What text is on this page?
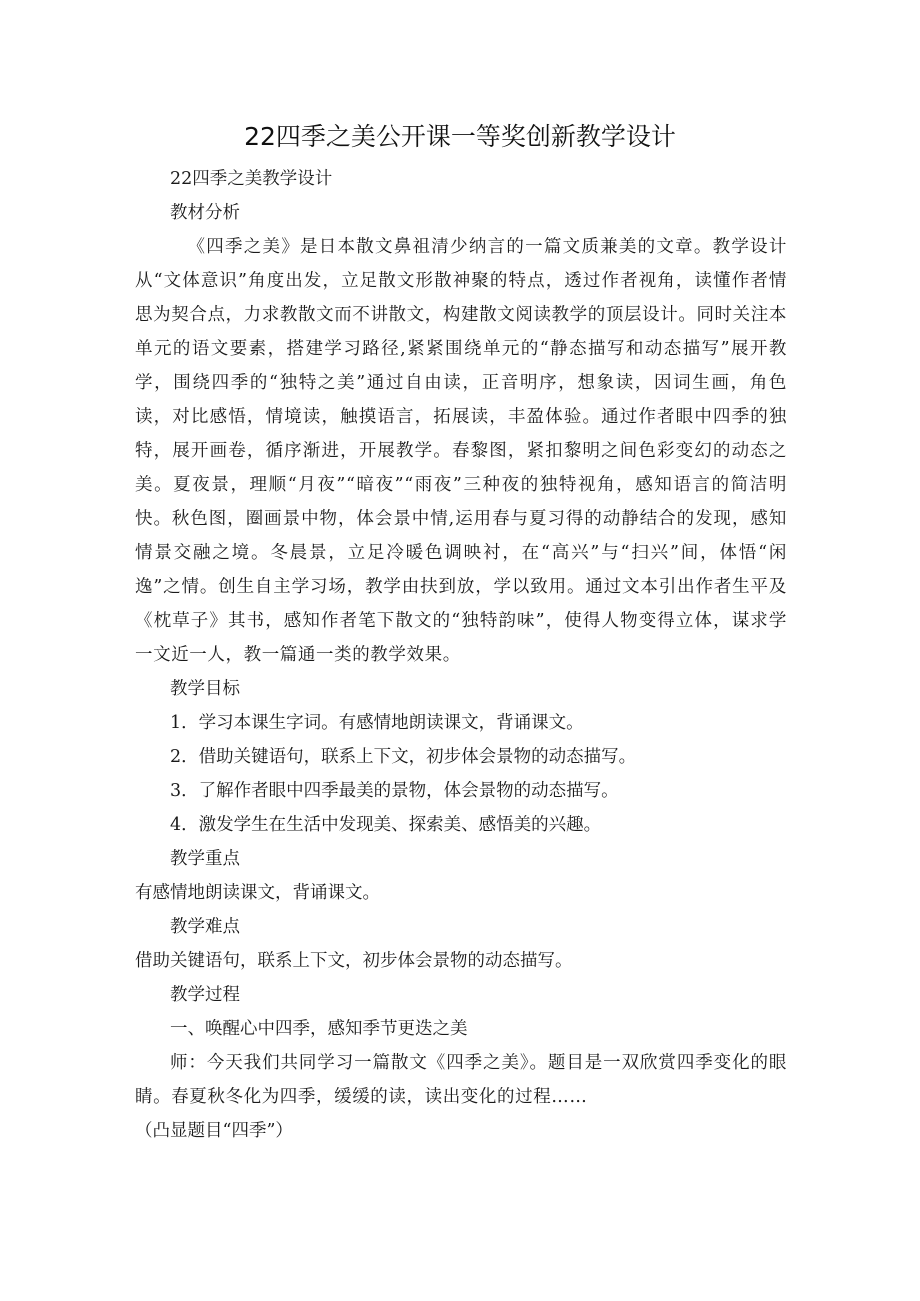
22四季之美公开课一等奖创新教学设计

22四季之美教学设计

教材分析

《四季之美》是日本散文鼻祖清少纳言的一篇文质兼美的文章。教学设计从“文体意识”角度出发，立足散文形散神聚的特点，透过作者视角，读懂作者情思为契合点，力求教散文而不讲散文，构建散文阅读教学的顶层设计。同时关注本单元的语文要素，搭建学习路径,紧紧围绕单元的“静态描写和动态描写”展开教学，围绕四季的“独特之美”通过自由读，正音明序，想象读，因词生画，角色读，对比感悟，情境读，触摸语言，拓展读，丰盈体验。通过作者眼中四季的独特，展开画卷，循序渐进，开展教学。春黎图，紧扣黎明之间色彩变幻的动态之美。夏夜景，理顺“月夜”“暗夜”“雨夜”三种夜的独特视角，感知语言的简洁明快。秋色图，圈画景中物，体会景中情,运用春与夏习得的动静结合的发现，感知情景交融之境。冬晨景，立足冷暖色调映衬，在“高兴”与“扫兴”间，体悟“闲逸”之情。创生自主学习场，教学由扶到放，学以致用。通过文本引出作者生平及《枕草子》其书，感知作者笔下散文的“独特韵味”，使得人物变得立体，谋求学一文近一人，教一篇通一类的教学效果。

教学目标

1．学习本课生字词。有感情地朗读课文，背诵课文。

2．借助关键语句，联系上下文，初步体会景物的动态描写。

3．了解作者眼中四季最美的景物，体会景物的动态描写。

4．激发学生在生活中发现美、探索美、感悟美的兴趣。

教学重点

有感情地朗读课文，背诵课文。

教学难点

借助关键语句，联系上下文，初步体会景物的动态描写。

教学过程

一、唤醒心中四季，感知季节更迭之美

师：今天我们共同学习一篇散文《四季之美》。题目是一双欣赏四季变化的眼睛。春夏秋冬化为四季，缓缓的读，读出变化的过程……

（凸显题目“四季”）
